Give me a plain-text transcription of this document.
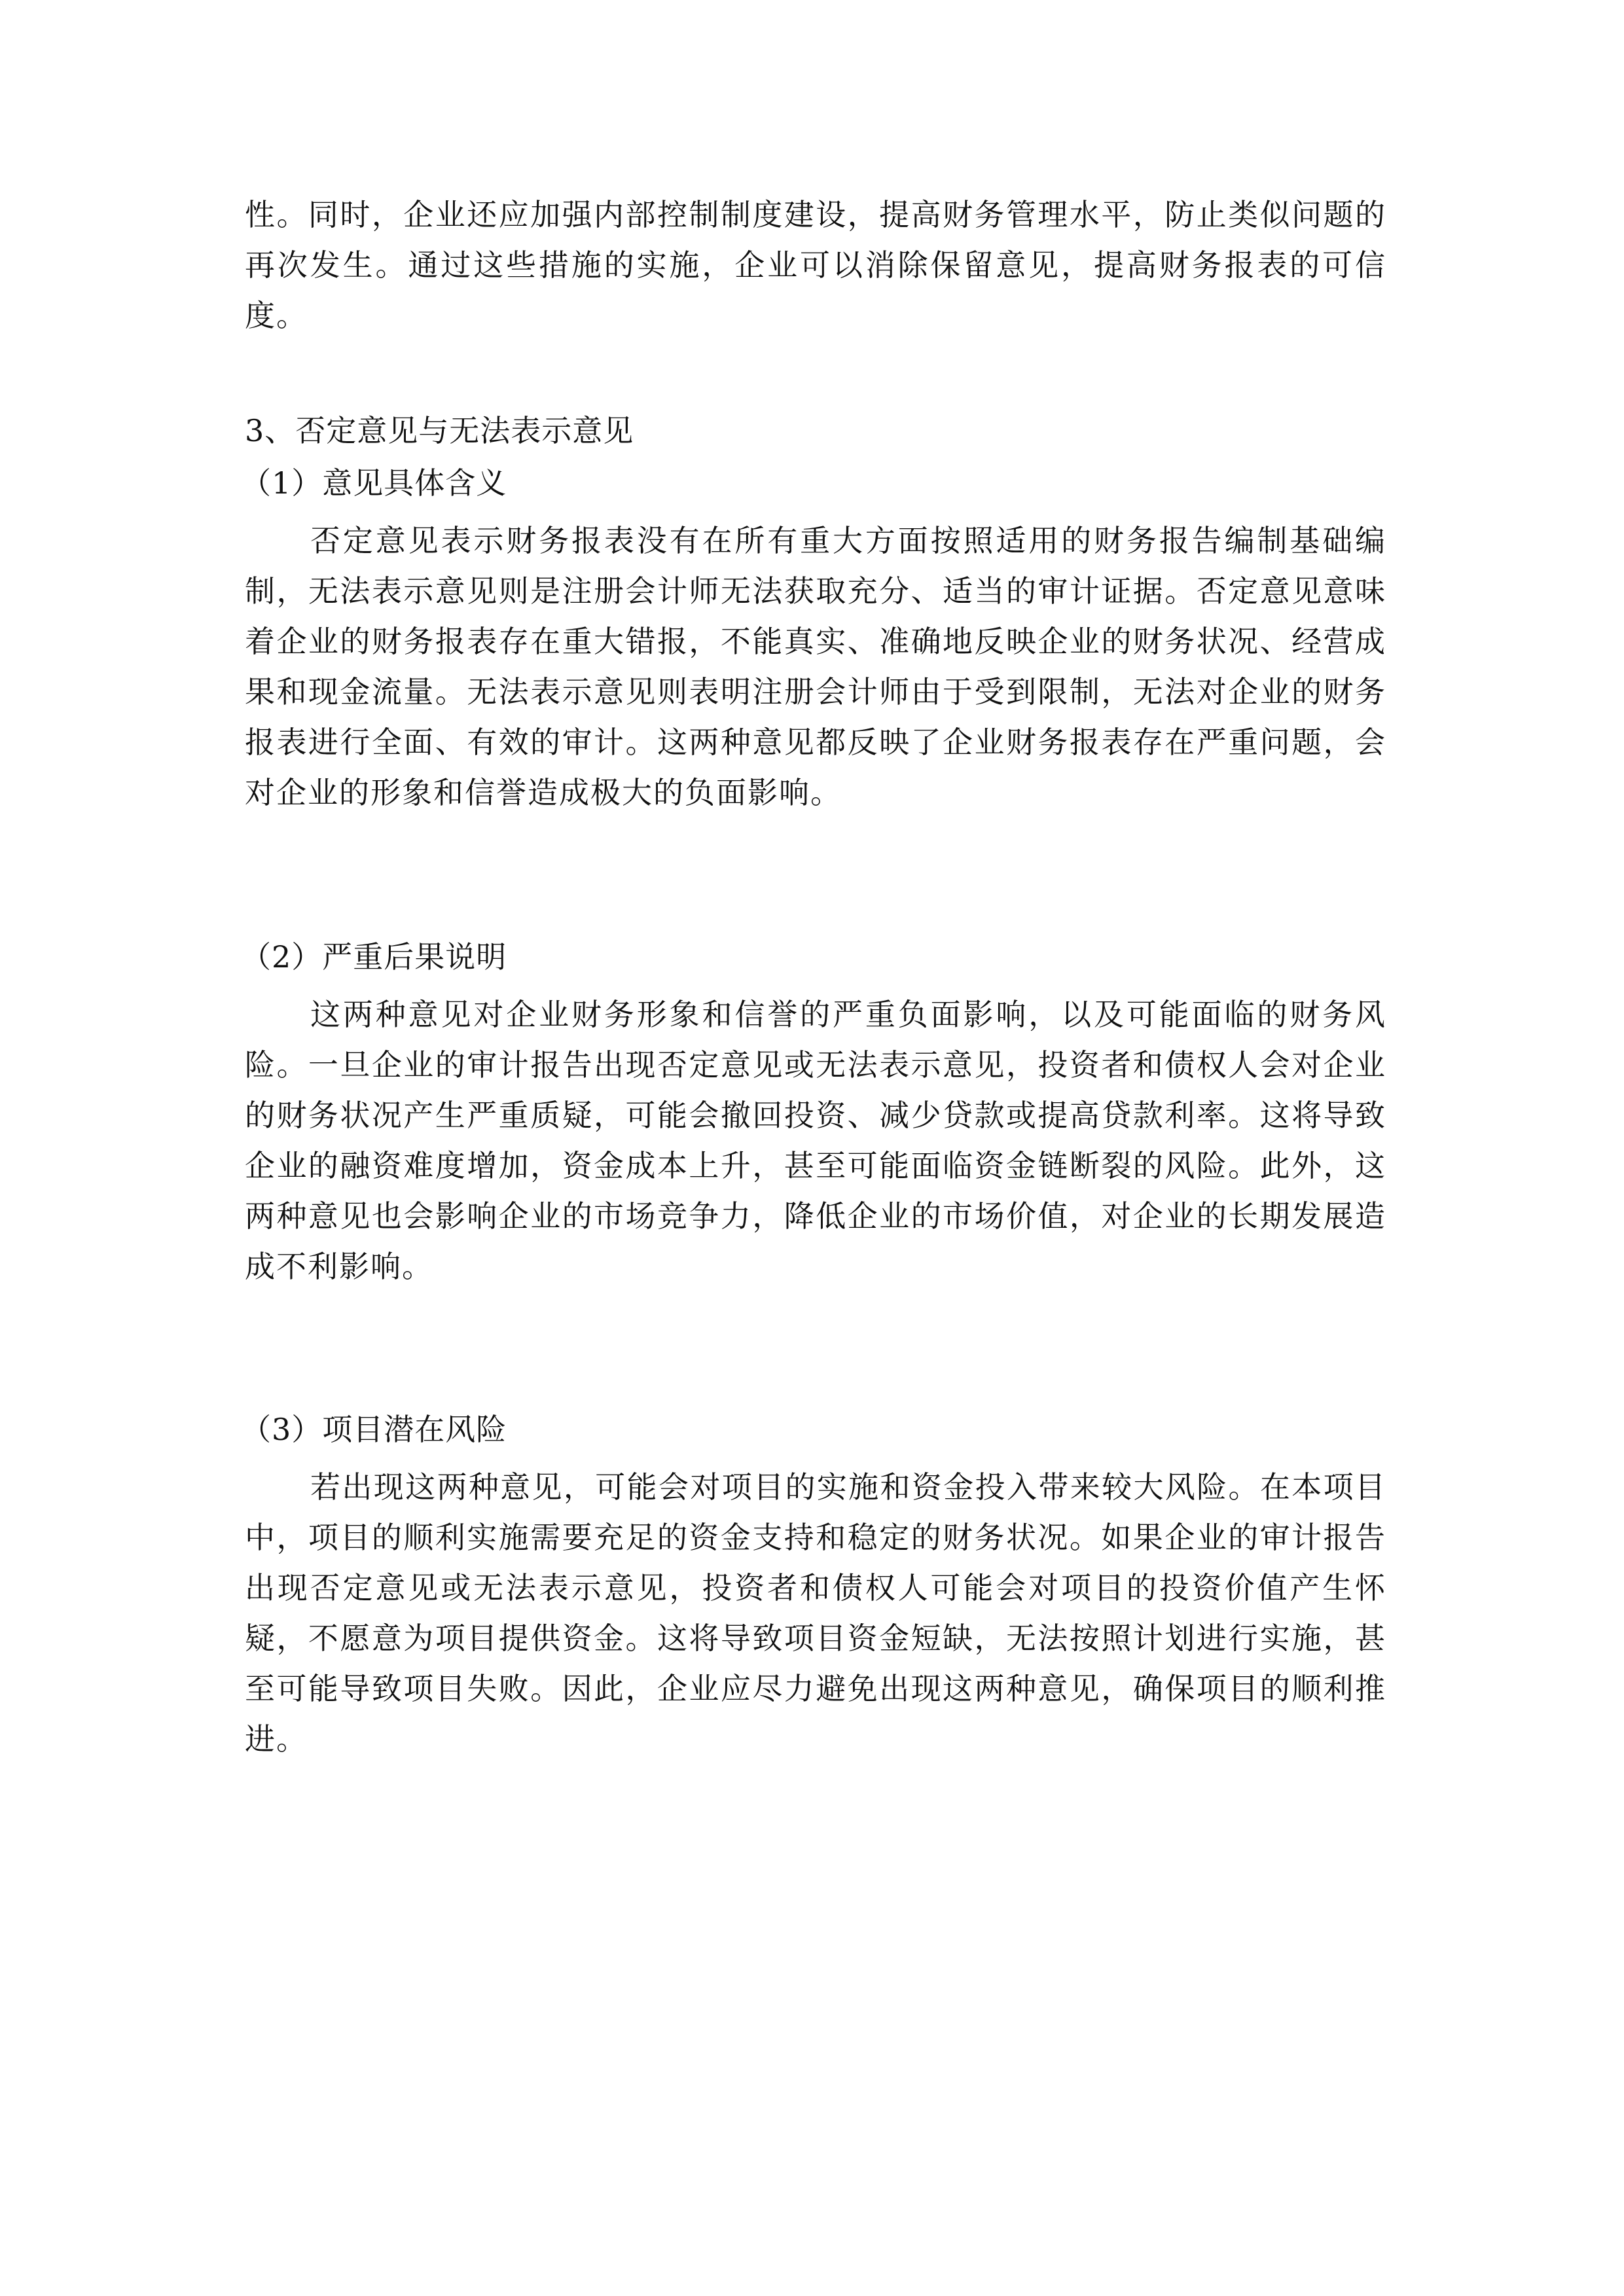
性。同时，企业还应加强内部控制制度建设，提高财务管理水平，防止类似问题的再次发生。通过这些措施的实施，企业可以消除保留意见，提高财务报表的可信度。

3、否定意见与无法表示意见
（1）意见具体含义

否定意见表示财务报表没有在所有重大方面按照适用的财务报告编制基础编制，无法表示意见则是注册会计师无法获取充分、适当的审计证据。否定意见意味着企业的财务报表存在重大错报，不能真实、准确地反映企业的财务状况、经营成果和现金流量。无法表示意见则表明注册会计师由于受到限制，无法对企业的财务报表进行全面、有效的审计。这两种意见都反映了企业财务报表存在严重问题，会对企业的形象和信誉造成极大的负面影响。

（2）严重后果说明

这两种意见对企业财务形象和信誉的严重负面影响，以及可能面临的财务风险。一旦企业的审计报告出现否定意见或无法表示意见，投资者和债权人会对企业的财务状况产生严重质疑，可能会撤回投资、减少贷款或提高贷款利率。这将导致企业的融资难度增加，资金成本上升，甚至可能面临资金链断裂的风险。此外，这两种意见也会影响企业的市场竞争力，降低企业的市场价值，对企业的长期发展造成不利影响。

（3）项目潜在风险

若出现这两种意见，可能会对项目的实施和资金投入带来较大风险。在本项目中，项目的顺利实施需要充足的资金支持和稳定的财务状况。如果企业的审计报告出现否定意见或无法表示意见，投资者和债权人可能会对项目的投资价值产生怀疑，不愿意为项目提供资金。这将导致项目资金短缺，无法按照计划进行实施，甚至可能导致项目失败。因此，企业应尽力避免出现这两种意见，确保项目的顺利推进。
